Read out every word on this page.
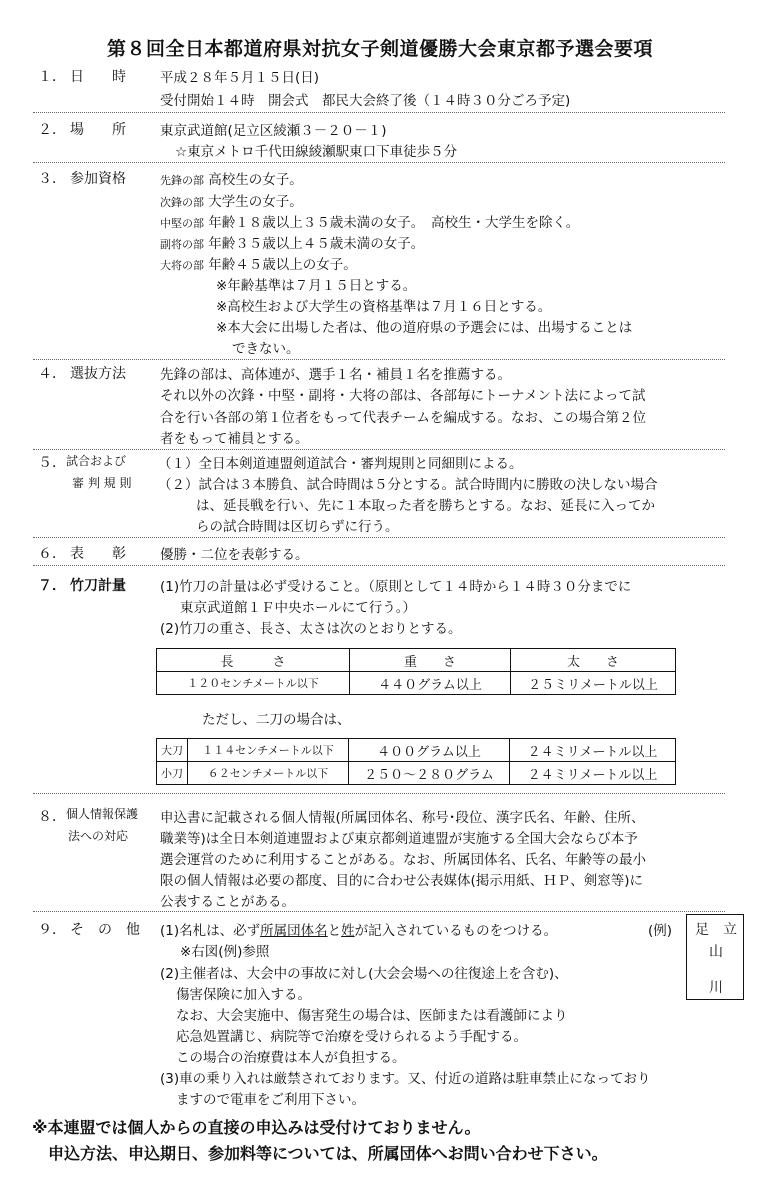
第８回全日本都道府県対抗女子剣道優勝大会東京都予選会要項
１． 日　　時	平成２８年５月１５日(日)
受付開始１４時　開会式　都民大会終了後（１４時３０分ごろ予定)
２． 場　　所	東京武道館(足立区綾瀬３－２０－１)
☆東京メトロ千代田線綾瀬駅東口下車徒歩５分
３． 参加資格	先鋒の部 高校生の女子。
次鋒の部 大学生の女子。
中堅の部 年齢１８歳以上３５歳未満の女子。　高校生・大学生を除く。
副将の部 年齢３５歳以上４５歳未満の女子。
大将の部 年齢４５歳以上の女子。
※年齢基準は７月１５日とする。
※高校生および大学生の資格基準は７月１６日とする。
※本大会に出場した者は、他の道府県の予選会には、出場することは
できない。
４． 選抜方法	先鋒の部は、高体連が、選手１名・補員１名を推薦する。
それ以外の次鋒・中堅・副将・大将の部は、各部毎にトーナメント法によって試
合を行い各部の第１位者をもって代表チームを編成する。なお、この場合第２位
者をもって補員とする。
５． 試合および
審 判 規 則
（１）全日本剣道連盟剣道試合・審判規則と同細則による。
（２）試合は３本勝負、試合時間は５分とする。試合時間内に勝敗の決しない場合
は、延長戦を行い、先に１本取った者を勝ちとする。なお、延長に入ってか
らの試合時間は区切らずに行う。
６． 表　　彰	優勝・二位を表彰する。
７． 竹刀計量	(1)竹刀の計量は必ず受けること。（原則として１４時から１４時３０分までに
東京武道館１Ｆ中央ホールにて行う。）
(2)竹刀の重さ、長さ、太さは次のとおりとする。
長　　　さ	重　　さ	太　　さ
１２０センチメートル以下	４４０グラム以上	２５ミリメートル以上
ただし、二刀の場合は、
大刀	１１４センチメートル以下	４００グラム以上	２４ミリメートル以上
小刀	６２センチメートル以下	２５０～２８０グラム	２４ミリメートル以上
８． 個人情報保護
法への対応
申込書に記載される個人情報(所属団体名、称号･段位、漢字氏名、年齢、住所、
職業等)は全日本剣道連盟および東京都剣道連盟が実施する全国大会ならび本予
選会運営のために利用することがある。なお、所属団体名、氏名、年齢等の最小
限の個人情報は必要の都度、目的に合わせ公表媒体(掲示用紙、ＨＰ、剣窓等)に
公表することがある。
９． そ　の　他 (1)名札は、必ず所属団体名と姓が記入されているものをつける。
※右図(例)参照
(2)主催者は、大会中の事故に対し(大会会場への往復途上を含む)、
傷害保険に加入する。
なお、大会実施中、傷害発生の場合は、医師または看護師により
応急処置講じ、病院等で治療を受けられるよう手配する。
この場合の治療費は本人が負担する。
(3)車の乗り入れは厳禁されております。又、付近の道路は駐車禁止になっており
ますので電車をご利用下さい。
(例) 足 立
山
川
※本連盟では個人からの直接の申込みは受付けておりません。
申込方法、申込期日、参加料等については、所属団体へお問い合わせ下さい。
